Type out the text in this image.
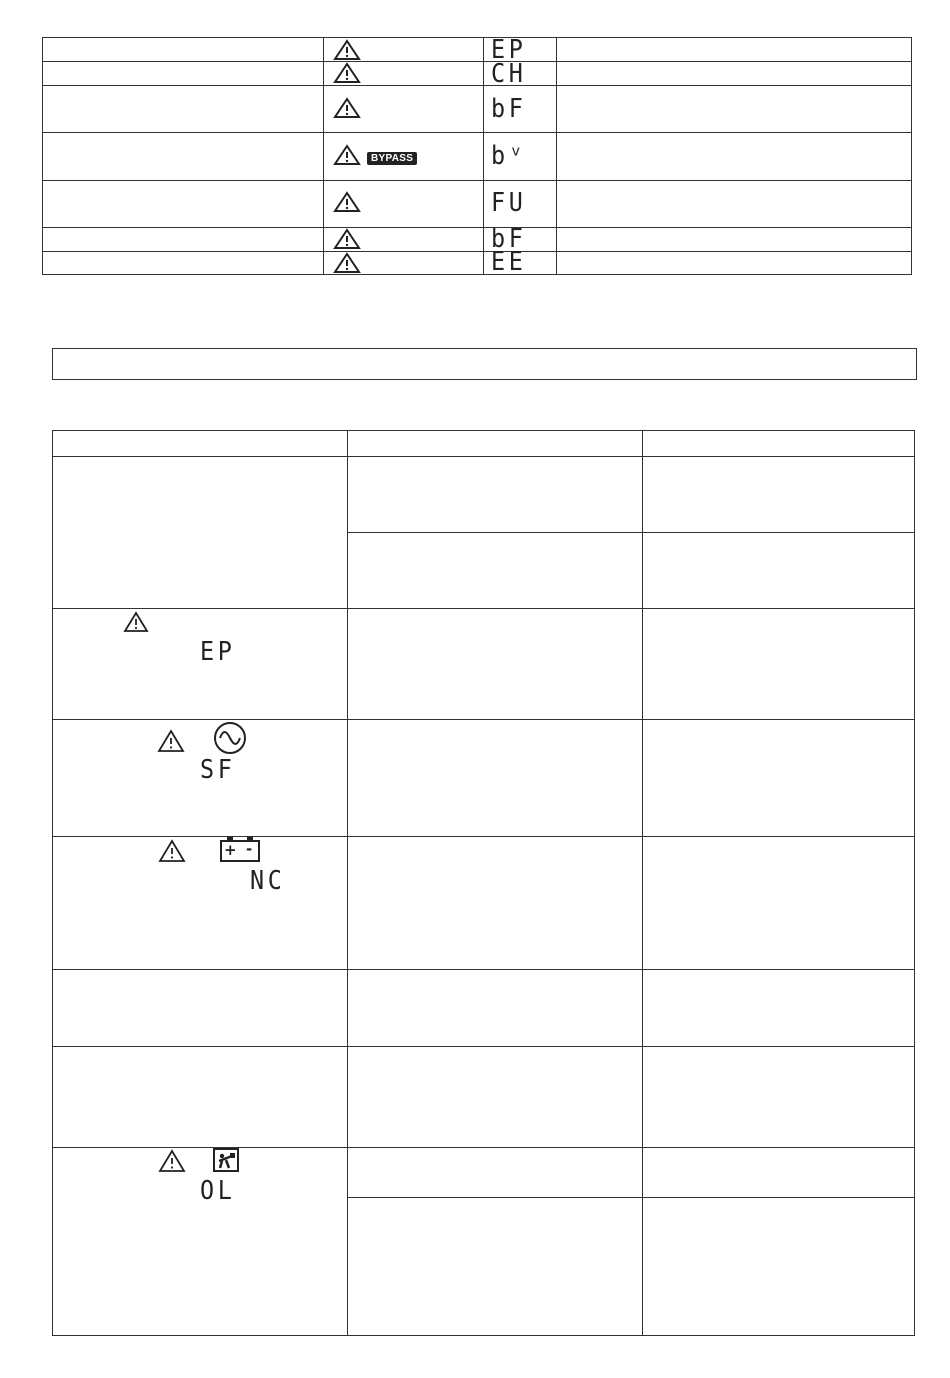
EP
CH
bF
BYPASS	bᵛ
FU
bF
EE
EP
SF
+ -
NC
OL
